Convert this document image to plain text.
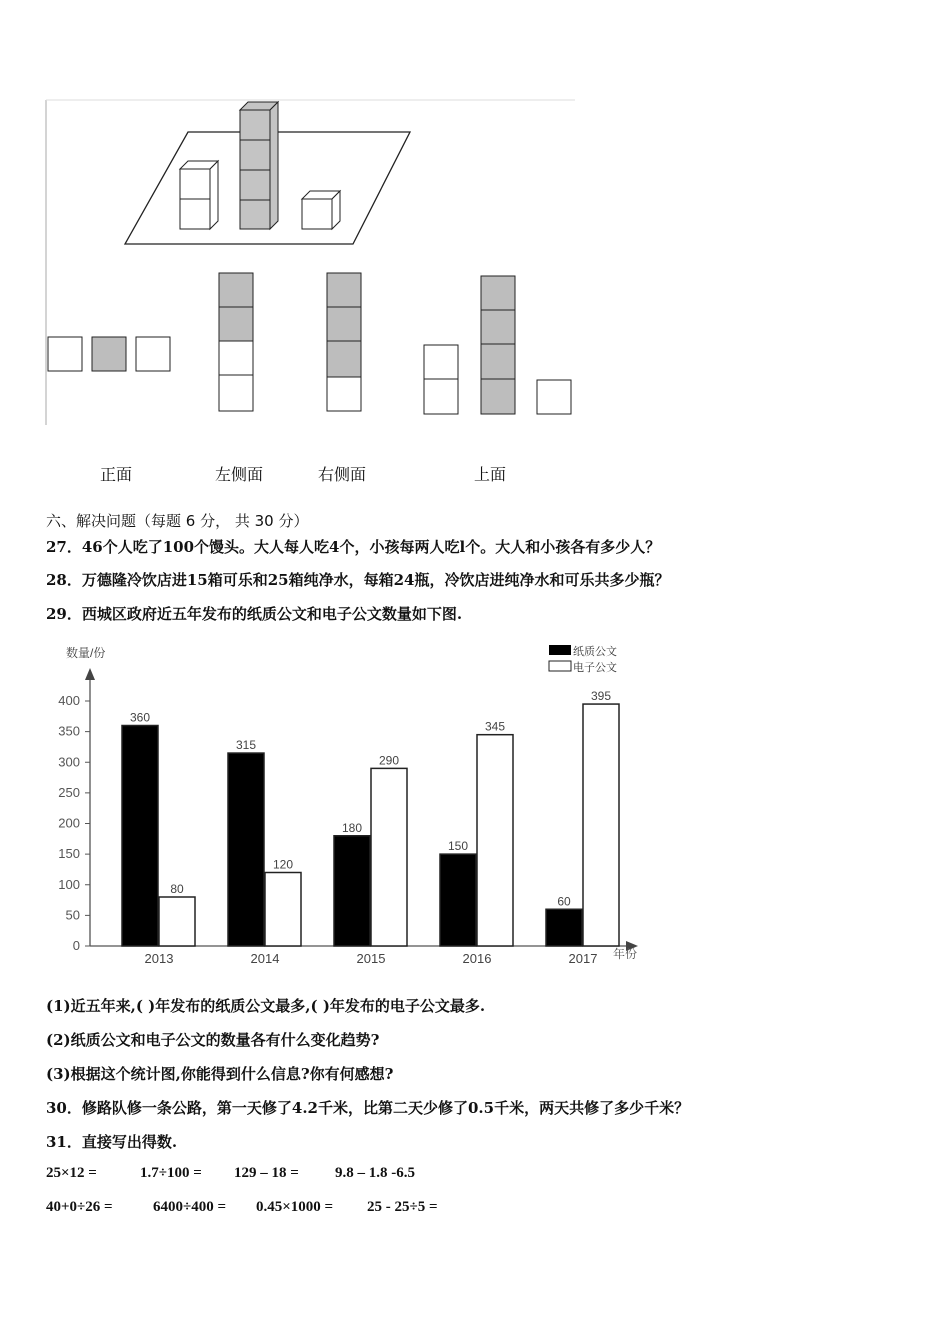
正面	左侧面	右侧面	上面
六、解决问题（每题 6 分， 共 30 分）
27．46个人吃了100个馒头。大人每人吃4个，小孩每两人吃l个。大人和小孩各有多少人？
28．万德隆冷饮店进15箱可乐和25箱纯净水，每箱24瓶，冷饮店进纯净水和可乐共多少瓶？
29．西城区政府近五年发布的纸质公文和电子公文数量如下图.
数量/份
年份
纸质公文
电子公文
0
50
100
150
200
250
300
350
400
360
80
2013
315
120
2014
180
290
2015
150
345
2016
60
395
2017
(1)近五年来,( )年发布的纸质公文最多,( )年发布的电子公文最多.
(2)纸质公文和电子公文的数量各有什么变化趋势?
(3)根据这个统计图,你能得到什么信息?你有何感想?
30．修路队修一条公路，第一天修了4.2千米，比第二天少修了0.5千米，两天共修了多少千米？
31．直接写出得数.
25×12 =	1.7÷100 = 129 – 18 = 9.8 – 1.8 -6.5
40+0÷26 =	6400÷400 = 0.45×1000 = 25 - 25÷5 =
